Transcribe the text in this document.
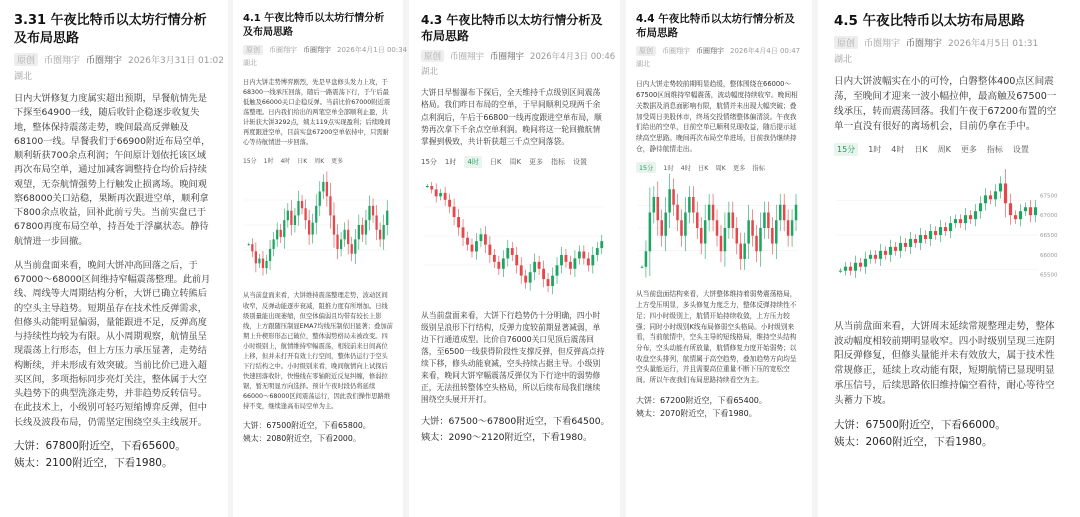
3.31 午夜比特币以太坊行情分析及布局思路
原创	币圈翔宇 币圈翔宇 2026年3月31日 01:02
湖北

日内大饼修复力度属实超出预期，早餐航情先是下探至64900一线，随后收针企稳逐步收复失地，整体保持震荡走势，晚间最高反弹触及68100一线。早餐我们于66900附近布局空单，顺利斩获700余点利润；午间原计划依托该区域再次布局空单，通过加减客调整持仓均价后持续观望，无奈航情强势上行触发止损离场。晚间观察68000关口站稳，果断再次跟进空单，顺利拿下800余点收益，回补此前亏失。当前实盘已于67800再度布局空单，持吾处于浮赢状态。静待航情进一步回撤。

从当前盘面来看，晚间大饼冲高回落之后，于67000～68000区间维持窄幅震荡整理。此前月线、周线等大周期结构分析，大饼已确立转熊后的空头主导趋势。短期虽存在技术性反弹需求，但修头动能明显偏弱，量能跟进不足，反弹高度与持续性均较为有限。从小周期观察，航情虽呈现震荡上行形态，但上方压力承压显著，走势结构断续，并未形成有效突破。当前比价已进入超买区间，多项指标同步亮灯关注，整体属于大空头趋势下的典型洗涤走势，并非趋势反转信号。在此技术上，小级别可轻巧短缩博弈反弹，但中长线及波段布局，仍需坚定围绕空头主线展开。

大饼：67800附近空，下看65600。
姨太：2100附近空，下看1980。
4.1 午夜比特币以太坊行情分析及布局思路
原创	币圈翔宇 币圈翔宇 2026年4月1日 00:34
湖北

日内大饼走势博弈剧烈，先是早盘修头发力上攻，于68300一线承压回落，随后一路震荡下行，于午后最低触及66000关口企稳反弹。当前比价67000附近震荡整理。日内我们给出的两笔空单全部顺利止盈，共计斩获大饼3292点，姨太119点实现盈利；后续晚间再度跟进空单，目前实盘67200空单依持中，只需耐心等待航情进一步回落。

15分 1时 4时 日K 周K 更多

从当前盘面来看，大饼维持震荡整理走势，波动区间收窄，反弹动能逐步衰减，阻推力度有所增加。日线级别量能出现萎缩，但空体偏弱且均带有较长上影线，上方跟随压制显EMA7均线压制依旧显著；叠加前期上升楔形形态已破位，整体弱势格局未被改变。四小时级别上，航情维持窄幅震荡，相较前来日间高位上移，但并未打开有效上行空间，整体仍运行于空头下行结构之中。小时级别来看，晚间航情向上试探后快速回落收针，快慢线在零轴附近反复纠缠，修弱拉锯，暂无明显方向选择。预计午夜时段仍将延续66000～68000区间震荡运行，因此我们操作思路维持不变，继续逢高布局空单为主。

大饼：67500附近空，下看65800。
姨太：2080附近空，下看2000。
4.3 午夜比特币以太坊行情分析及布局思路
原创	币圈翔宇 币圈翔宇 2026年4月3日 00:46
湖北

大饼日早髻瀑布下探后，全天维持千点级别区间震荡格局。我们昨日布局的空单，于早间顺利兑现两千余点利润后，午后于66800一线再度跟进空单布局，顺势再次拿下千余点空单利润。晚间将这一轮回撤航情掌握到极致，共计斩获超三千点空间落袋。

15分 1时	4时	日K 周K 更多 指标 设置

从当前盘面来看，大饼下行趋势仍十分明确，四小时级别呈浪形下行结构，反弹力度较前期显著减弱，单边下行通道成型。比价自76000关口见顶后震荡回落，至6500一线获得阶段性支撑反弹，但反弹高点持续下移，修头动能衰减，空头持续占据主导。小级别来看，晚间大饼窄幅震荡反弹仅为下行途中的弱势修正，无法扭转整体空头格局，所以后续布局我们继续围绕空头展开开打。

大饼：67500～67800附近空，下看64500。
姨太：2090～2120附近空，下看1980。
4.4 午夜比特币以太坊行情分析及布局思路
原创	币圈翔宇 币圈翔宇 2026年4月4日 00:47
湖北

日内大饼走势较前期明显趋缓，整体围绕在66000～67500区间维持窄幅震荡，波动幅度持续收窄。晚间相关数据及消息面影响有限，航情并未出现大幅突破；叠加受周日美股休市，终场交投情绪整体偏清淡。午夜我们给出的空单，目前空单已顺利兑现收益，随后提示延续高空思路。晚间再次布局空单进场，目前我仍继续持仓，静待航情走出。

15分	1时 4时 日K 周K 更多 指标

从当前盘面结构来看，大饼整体维持着弱势震荡格局，上方受压明显，多头修复力度乏力，整体反弹持续性不足；四小时级别上，航情开始持续收敛，上方压力较强；同时小时级别K线布局修弱空头格局。小时级别来看，当前航情中，空头主导的短线格局，维持空头结构分布，空头动能有所放量，航情修复力度开始弱势；以收盘空头排列，航情属于高空趋势，叠加趋势方向均呈空头量能运行，并且需要高位重量不断下压的宽松空间。所以午夜我们布局思路持续看空为主。

大饼：67200附近空，下看65400。
姨太：2070附近空，下看1980。
4.5 午夜比特币以太坊布局思路
原创	币圈翔宇 币圈翔宇 2026年4月5日 01:31
湖北

日内大饼波幅实在小的可怜，白磐整体400点区间震荡，至晚间才迎来一波小幅拉伸，最高触及67500一线承压，转而震荡回落。我们午夜于67200布置的空单一直没有很好的离场机会，目前仍拿在手中。

15分	1时 4时 日K 周K 更多 指标 设置
67500
67000
66500
66000
65500

从当前盘面来看，大饼周末延续常规整理走势，整体波动幅度相较前期明显收窄。四小时级别呈现三连阴阳反弹修复，但修头量能并未有效放大，属于技术性常规修正，延续上攻动能有限，短期航情已显现明显承压信号，后续思路依旧维持偏空看待，耐心等待空头蓄力下坡。

大饼：67500附近空，下看66000。
姨太：2060附近空，下看1980。
